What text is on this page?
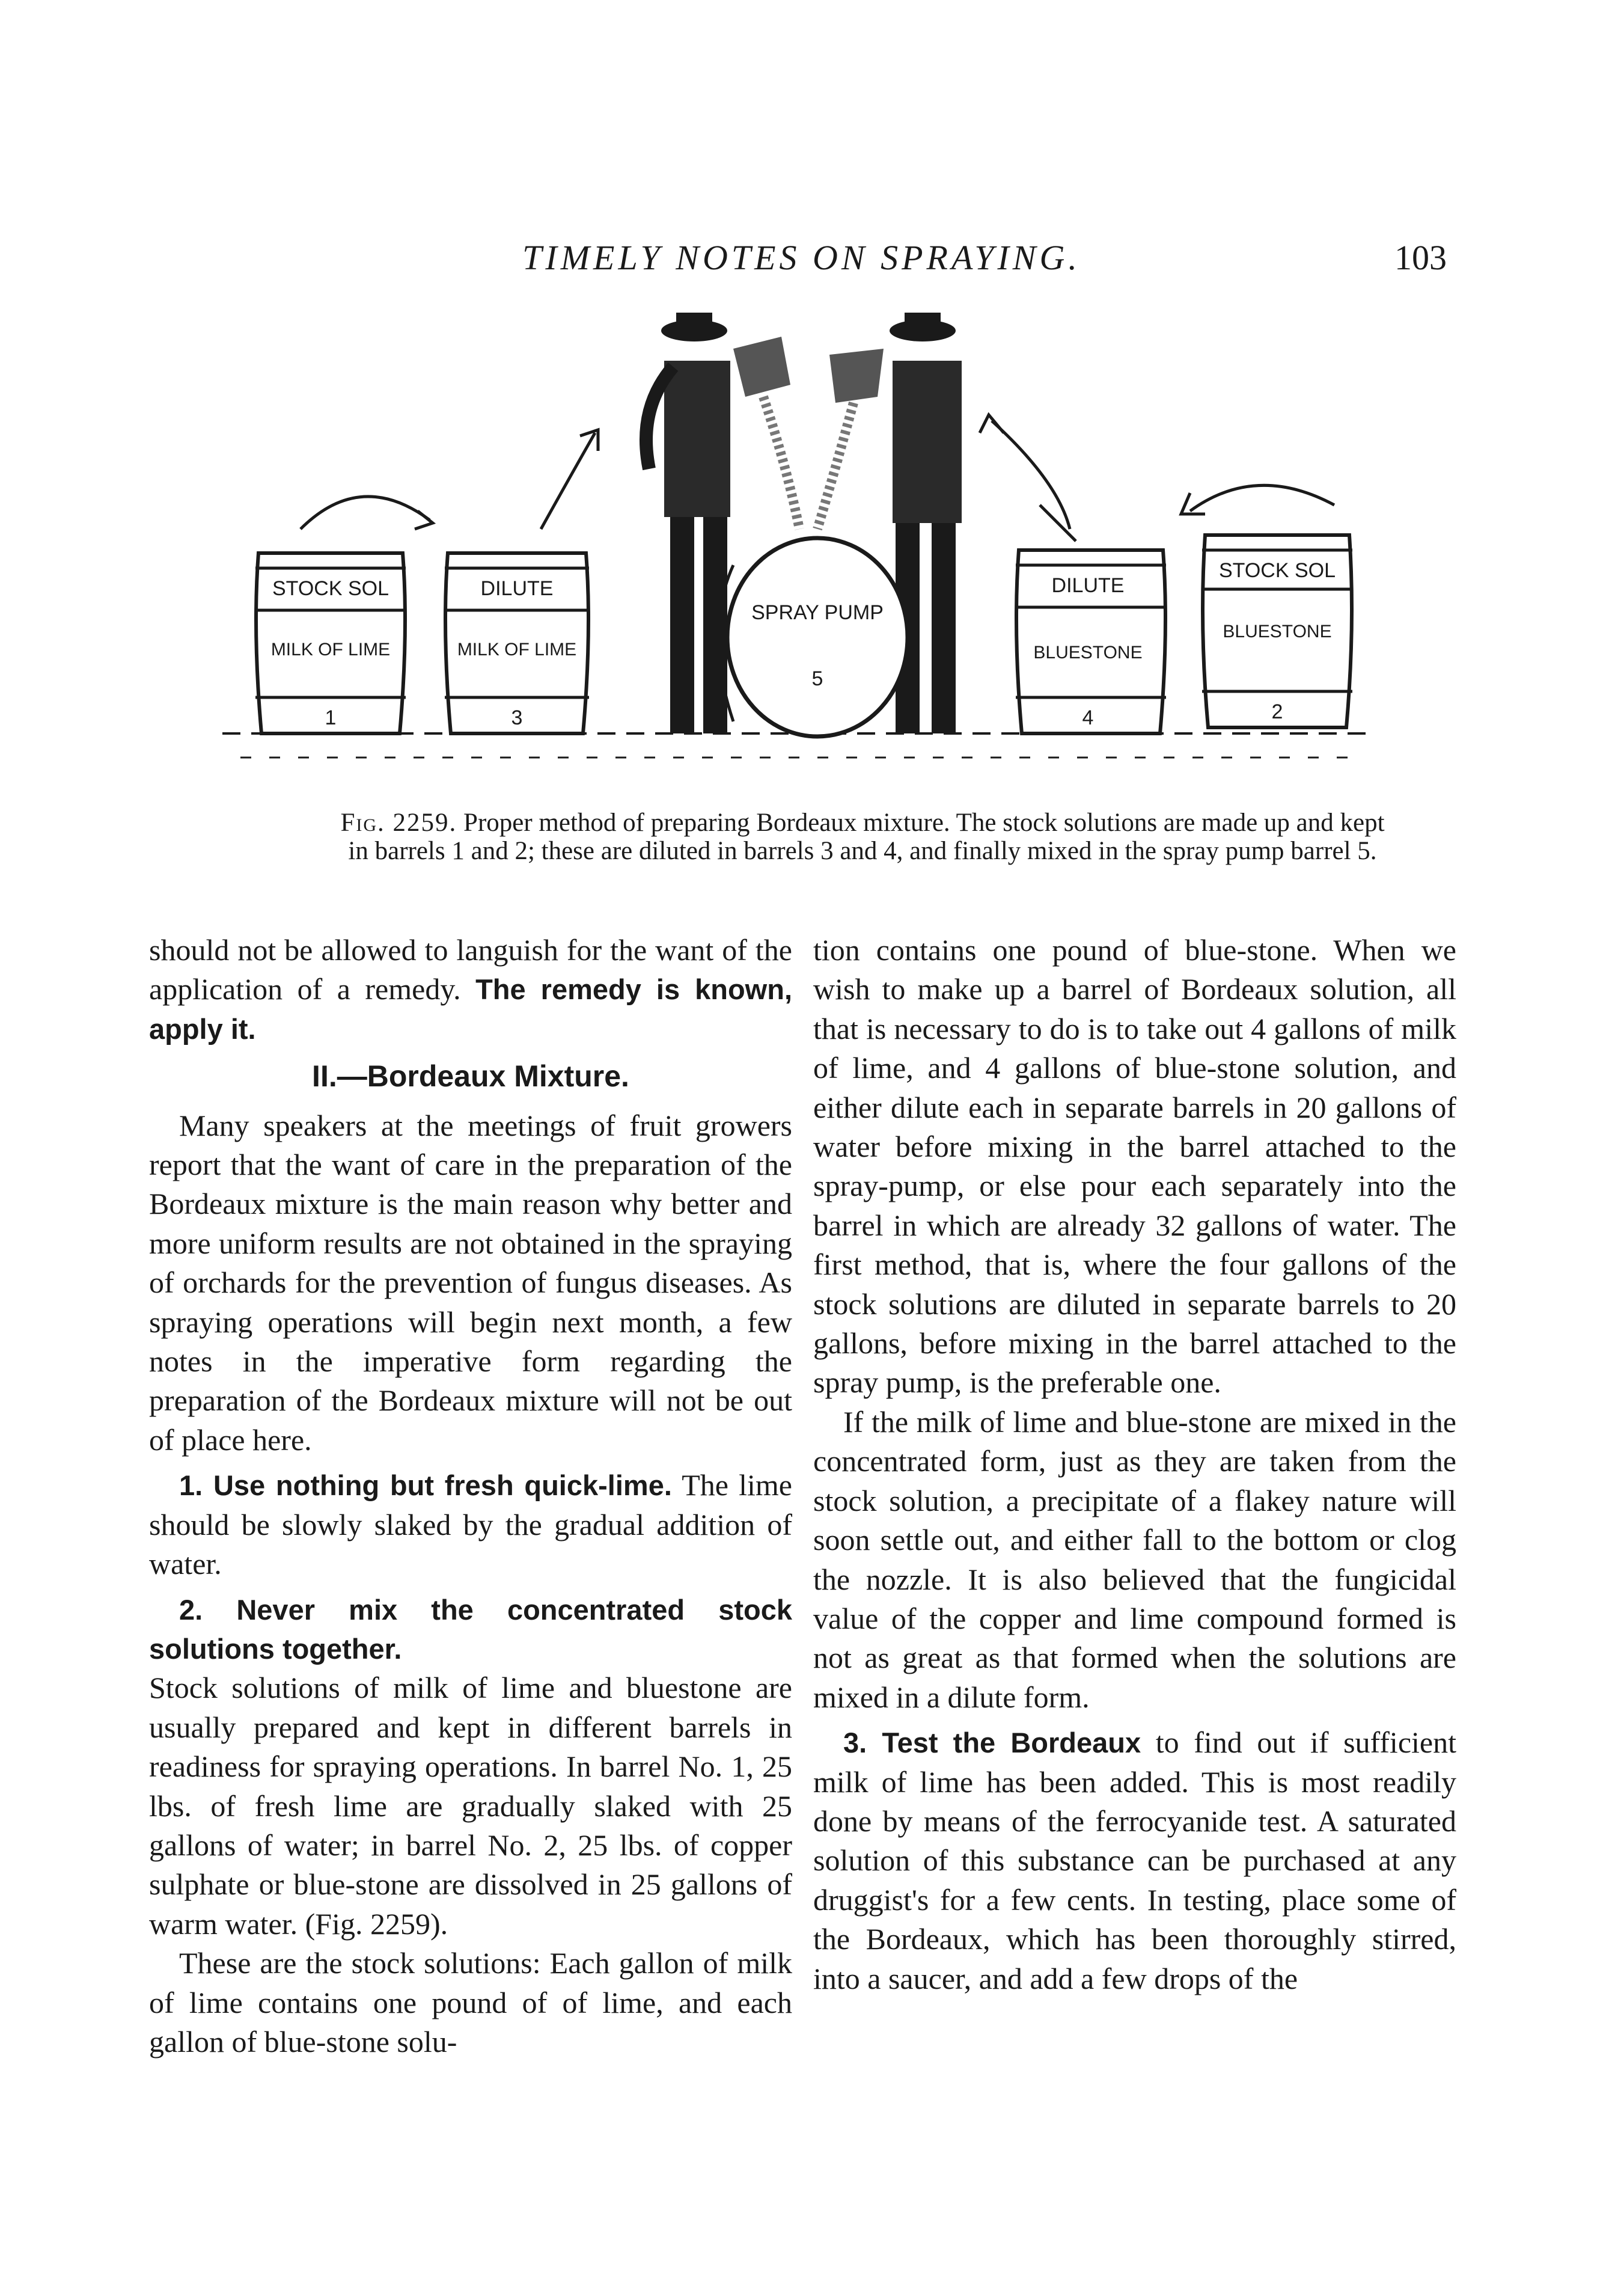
TIMELY NOTES ON SPRAYING.	103
STOCK SOL
MILK OF LIME
1
DILUTE
MILK OF LIME
3
SPRAY PUMP
5
DILUTE
BLUESTONE
4
STOCK SOL
BLUESTONE
2
Fig. 2259. Proper method of preparing Bordeaux mixture. The stock solutions are made up and kept in barrels 1 and 2; these are diluted in barrels 3 and 4, and finally mixed in the spray pump barrel 5.

should not be allowed to languish for the want of the application of a remedy. The remedy is known, apply it.

II.—Bordeaux Mixture.

Many speakers at the meetings of fruit growers report that the want of care in the preparation of the Bordeaux mixture is the main reason why better and more uniform results are not obtained in the spraying of orchards for the prevention of fungus diseases. As spraying operations will begin next month, a few notes in the imperative form regarding the preparation of the Bordeaux mixture will not be out of place here.

1. Use nothing but fresh quick-lime. The lime should be slowly slaked by the gradual addition of water.

2. Never mix the concentrated stock solutions together.

Stock solutions of milk of lime and bluestone are usually prepared and kept in different barrels in readiness for spraying operations. In barrel No. 1, 25 lbs. of fresh lime are gradually slaked with 25 gallons of water; in barrel No. 2, 25 lbs. of copper sulphate or blue-stone are dissolved in 25 gallons of warm water. (Fig. 2259).

These are the stock solutions: Each gallon of milk of lime contains one pound of of lime, and each gallon of blue-stone solu-

tion contains one pound of blue-stone. When we wish to make up a barrel of Bordeaux solution, all that is necessary to do is to take out 4 gallons of milk of lime, and 4 gallons of blue-stone solution, and either dilute each in separate barrels in 20 gallons of water before mixing in the barrel attached to the spray-pump, or else pour each separately into the barrel in which are already 32 gallons of water. The first method, that is, where the four gallons of the stock solutions are diluted in separate barrels to 20 gallons, before mixing in the barrel attached to the spray pump, is the preferable one.

If the milk of lime and blue-stone are mixed in the concentrated form, just as they are taken from the stock solution, a precipitate of a flakey nature will soon settle out, and either fall to the bottom or clog the nozzle. It is also believed that the fungicidal value of the copper and lime compound formed is not as great as that formed when the solutions are mixed in a dilute form.

3. Test the Bordeaux to find out if sufficient milk of lime has been added. This is most readily done by means of the ferrocyanide test. A saturated solution of this substance can be purchased at any druggist's for a few cents. In testing, place some of the Bordeaux, which has been thoroughly stirred, into a saucer, and add a few drops of the
